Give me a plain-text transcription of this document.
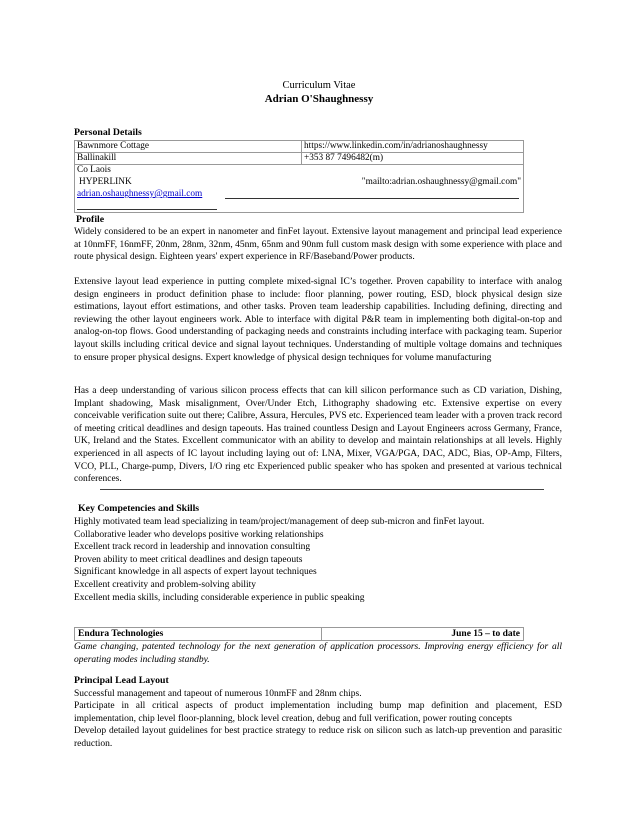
Curriculum Vitae
Adrian O'Shaughnessy
Personal Details
Bawnmore Cottage	https://www.linkedin.com/in/adrianoshaughnessy
Ballinakill	+353 87 7496482(m)

Co Laois
HYPERLINK "mailto:adrian.oshaughnessy@gmail.com"
adrian.oshaughnessy@gmail.com	
Profile
Widely considered to be an expert in nanometer and finFet layout. Extensive layout management and principal lead experience at 10nmFF, 16nmFF, 20nm, 28nm, 32nm, 45nm, 65nm and 90nm full custom mask design with some experience with place and route physical design. Eighteen years' expert experience in RF/Baseband/Power products.
Extensive layout lead experience in putting complete mixed-signal IC’s together. Proven capability to interface with analog design engineers in product definition phase to include: floor planning, power routing, ESD, block physical design size estimations, layout effort estimations, and other tasks. Proven team leadership capabilities. Including defining, directing and reviewing the other layout engineers work. Able to interface with digital P&R team in implementing both digital-on-top and analog-on-top flows. Good understanding of packaging needs and constraints including interface with packaging team. Superior layout skills including critical device and signal layout techniques. Understanding of multiple voltage domains and techniques to ensure proper physical designs. Expert knowledge of physical design techniques for volume manufacturing
Has a deep understanding of various silicon process effects that can kill silicon performance such as CD variation, Dishing, Implant shadowing, Mask misalignment, Over/Under Etch, Lithography shadowing etc. Extensive expertise on every conceivable verification suite out there; Calibre, Assura, Hercules, PVS etc. Experienced team leader with a proven track record of meeting critical deadlines and design tapeouts. Has trained countless Design and Layout Engineers across Germany, France, UK, Ireland and the States. Excellent communicator with an ability to develop and maintain relationships at all levels. Highly experienced in all aspects of IC layout including laying out of: LNA, Mixer, VGA/PGA, DAC, ADC, Bias, OP-Amp, Filters, VCO, PLL, Charge-pump, Divers, I/O ring etc Experienced public speaker who has spoken and presented at various technical conferences.
Key Competencies and Skills
Highly motivated team lead specializing in team/project/management of deep sub-micron and finFet layout.
Collaborative leader who develops positive working relationships
Excellent track record in leadership and innovation consulting
Proven ability to meet critical deadlines and design tapeouts
Significant knowledge in all aspects of expert layout techniques
Excellent creativity and problem-solving ability
Excellent media skills, including considerable experience in public speaking
Endura Technologies	June 15 – to date
Game changing, patented technology for the next generation of application processors. Improving energy efficiency for all operating modes including standby.
Principal Lead Layout
Successful management and tapeout of numerous 10nmFF and 28nm chips.
Participate in all critical aspects of product implementation including bump map definition and placement, ESD implementation, chip level floor-planning, block level creation, debug and full verification, power routing concepts
Develop detailed layout guidelines for best practice strategy to reduce risk on silicon such as latch-up prevention and parasitic reduction.
